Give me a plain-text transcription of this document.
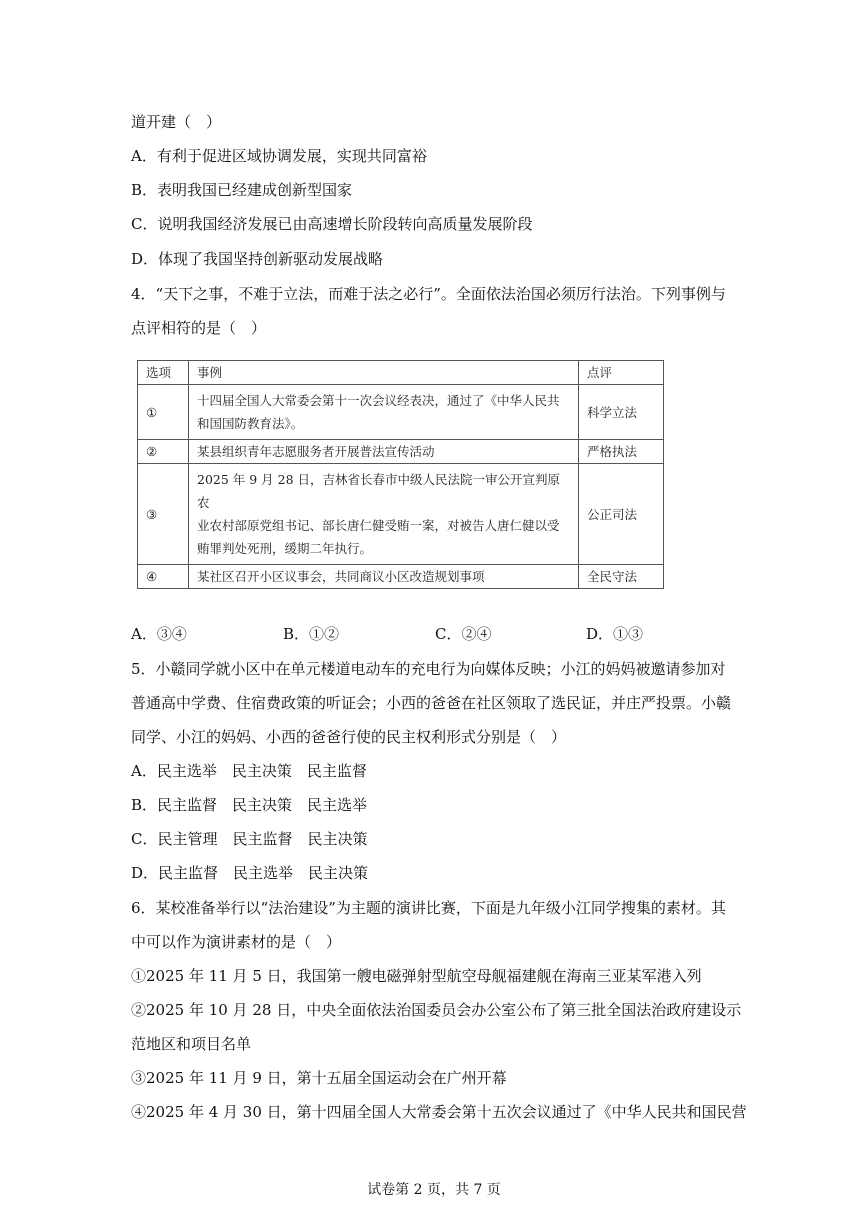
道开建（　）
A．有利于促进区域协调发展，实现共同富裕
B．表明我国已经建成创新型国家
C．说明我国经济发展已由高速增长阶段转向高质量发展阶段
D．体现了我国坚持创新驱动发展战略
4．“天下之事，不难于立法，而难于法之必行”。全面依法治国必须厉行法治。下列事例与
点评相符的是（　）
选项	事例	点评
①	十四届全国人大常委会第十一次会议经表决，通过了《中华人民共
和国国防教育法》。	科学立法
②	某县组织青年志愿服务者开展普法宣传活动	严格执法
③	2025 年 9 月 28 日，吉林省长春市中级人民法院一审公开宣判原农
业农村部原党组书记、部长唐仁健受贿一案，对被告人唐仁健以受
贿罪判处死刑，缓期二年执行。	公正司法
④	某社区召开小区议事会，共同商议小区改造规划事项	全民守法
A．③④	B．①②	C．②④	D．①③
5．小赣同学就小区中在单元楼道电动车的充电行为向媒体反映；小江的妈妈被邀请参加对
普通高中学费、住宿费政策的听证会；小西的爸爸在社区领取了选民证，并庄严投票。小赣
同学、小江的妈妈、小西的爸爸行使的民主权利形式分别是（　）
A．民主选举　民主决策　民主监督
B．民主监督　民主决策　民主选举
C．民主管理　民主监督　民主决策
D．民主监督　民主选举　民主决策
6．某校准备举行以“法治建设”为主题的演讲比赛，下面是九年级小江同学搜集的素材。其
中可以作为演讲素材的是（　）
①2025 年 11 月 5 日，我国第一艘电磁弹射型航空母舰福建舰在海南三亚某军港入列
②2025 年 10 月 28 日，中央全面依法治国委员会办公室公布了第三批全国法治政府建设示
范地区和项目名单
③2025 年 11 月 9 日，第十五届全国运动会在广州开幕
④2025 年 4 月 30 日，第十四届全国人大常委会第十五次会议通过了《中华人民共和国民营
试卷第 2 页，共 7 页
